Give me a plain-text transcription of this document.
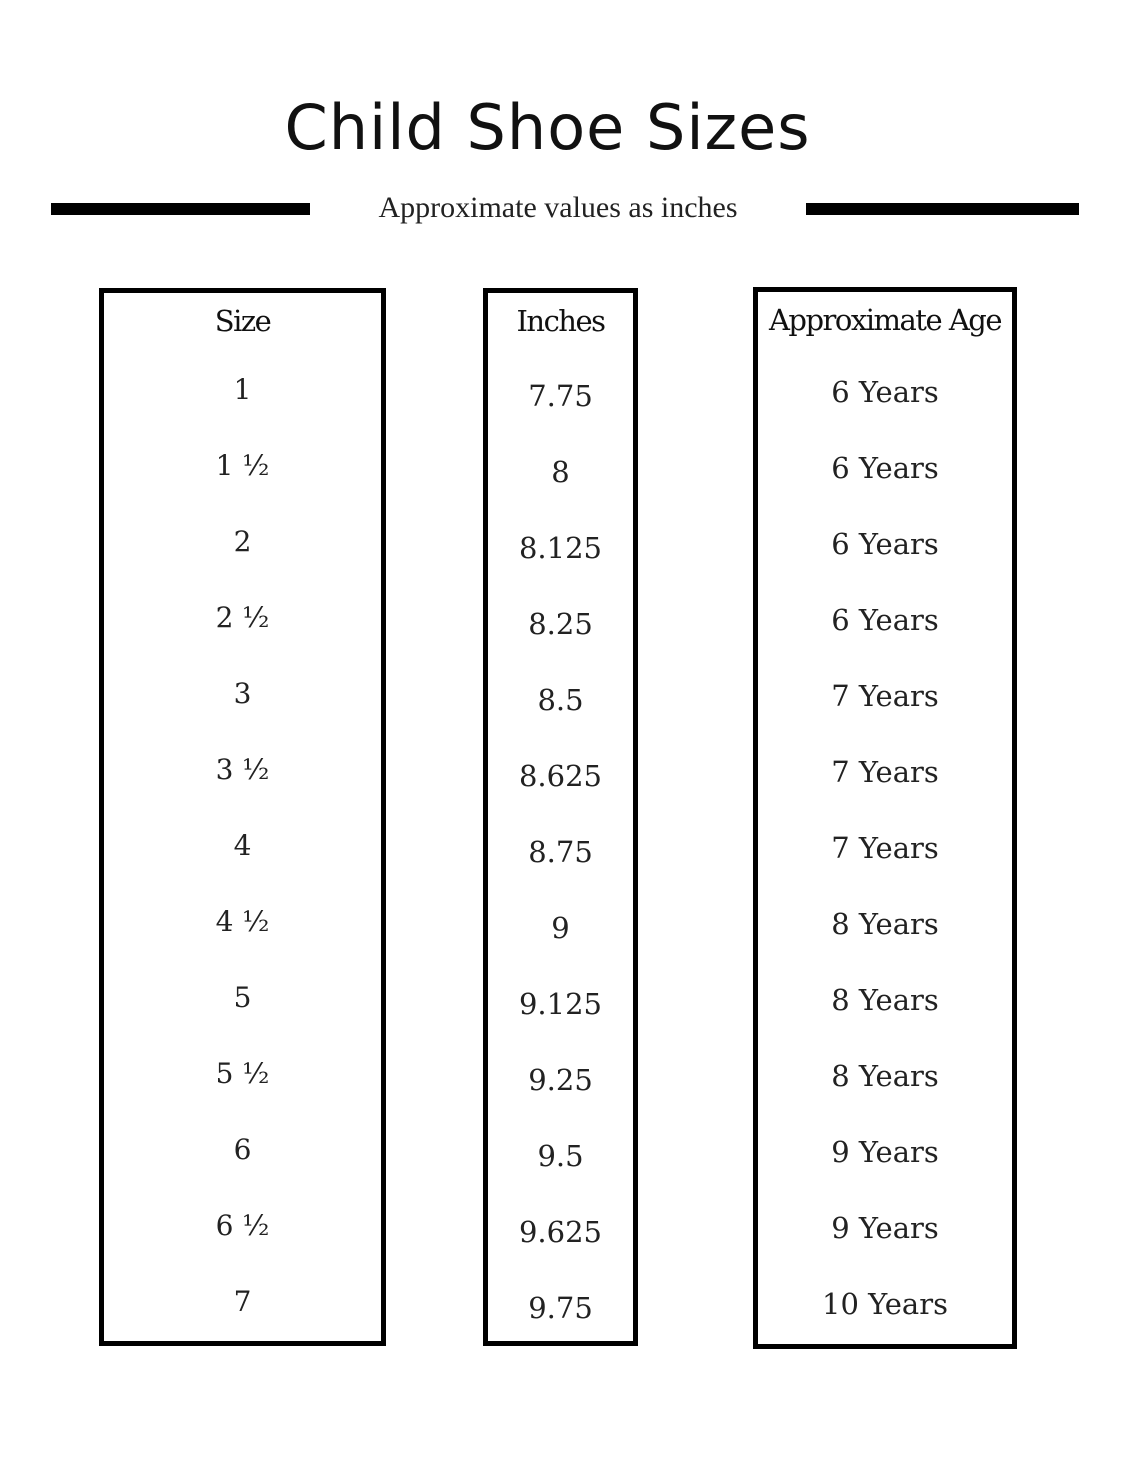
Child Shoe Sizes
Approximate values as inches
Size
1
1 ½
2
2 ½
3
3 ½
4
4 ½
5
5 ½
6
6 ½
7
Inches
7.75
8
8.125
8.25
8.5
8.625
8.75
9
9.125
9.25
9.5
9.625
9.75
Approximate Age
6 Years
6 Years
6 Years
6 Years
7 Years
7 Years
7 Years
8 Years
8 Years
8 Years
9 Years
9 Years
10 Years
